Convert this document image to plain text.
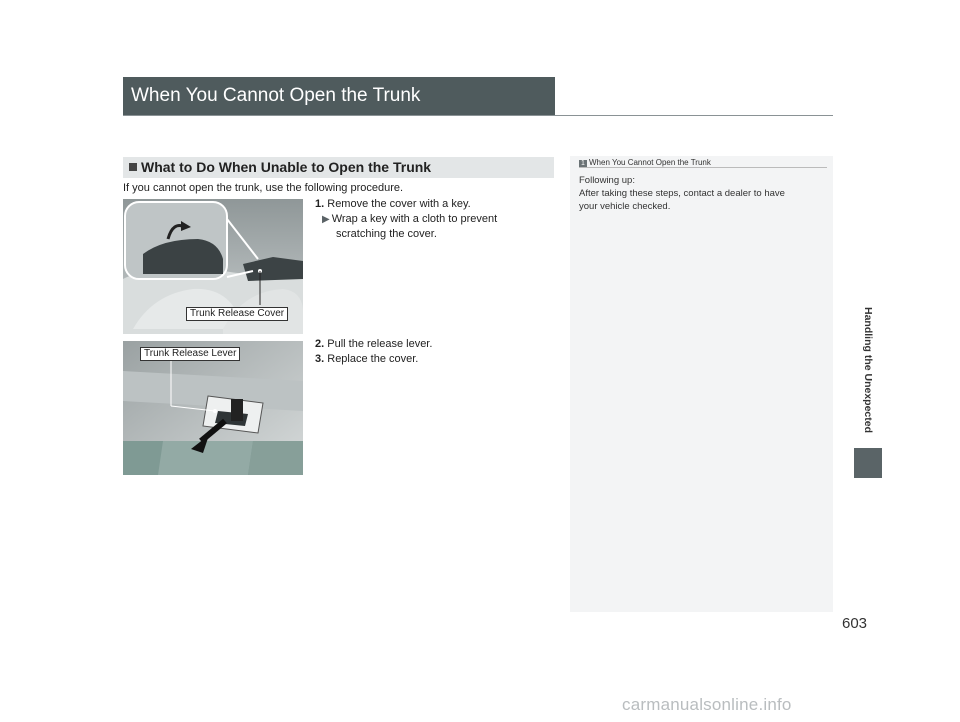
When You Cannot Open the Trunk
What to Do When Unable to Open the Trunk
If you cannot open the trunk, use the following procedure.
Trunk Release Cover
Trunk Release Lever
1. Remove the cover with a key.
▶ Wrap a key with a cloth to prevent
scratching the cover.
2. Pull the release lever.
3. Replace the cover.
1 When You Cannot Open the Trunk
Following up:
After taking these steps, contact a dealer to have
your vehicle checked.
Handling the Unexpected
603
carmanualsonline.info
